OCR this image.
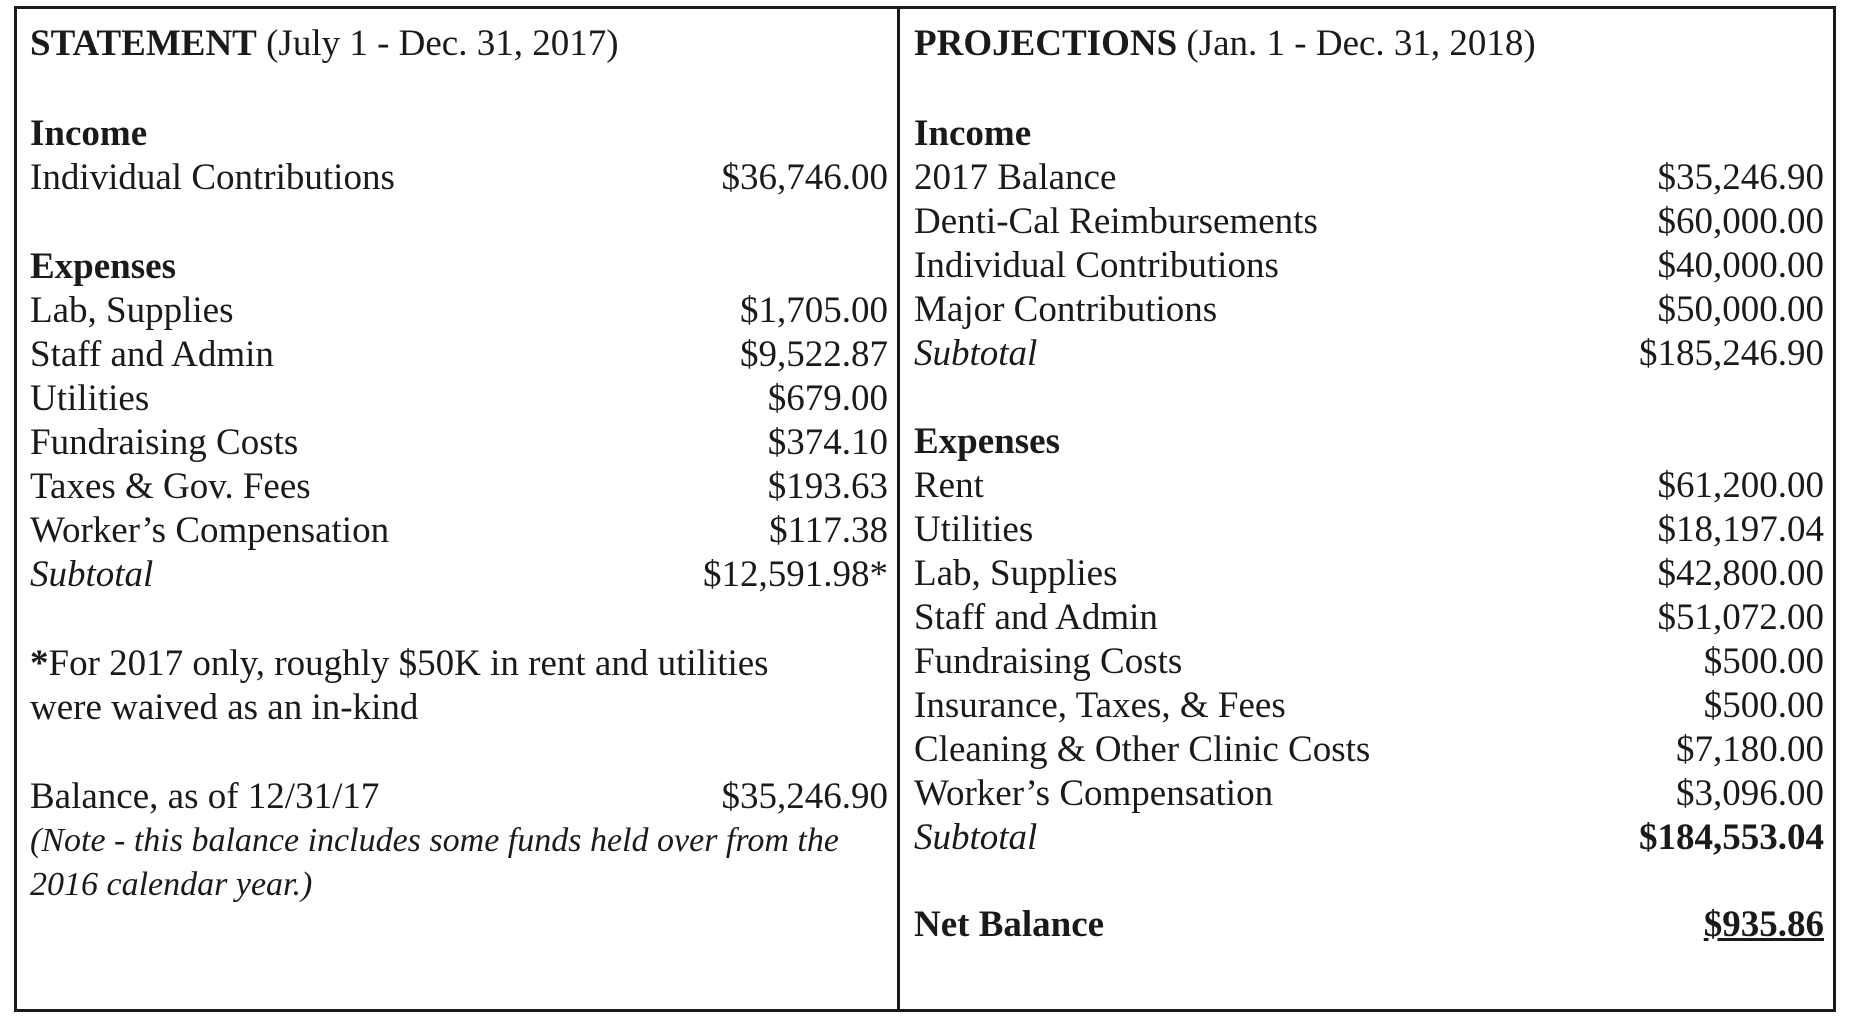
STATEMENT (July 1 - Dec. 31, 2017)
Income
Individual Contributions	$36,746.00
Expenses
Lab, Supplies	$1,705.00
Staff and Admin	$9,522.87
Utilities	$679.00
Fundraising Costs	$374.10
Taxes & Gov. Fees	$193.63
Worker’s Compensation	$117.38
Subtotal	$12,591.98*
*For 2017 only, roughly $50K in rent and utilities
were waived as an in-kind
Balance, as of 12/31/17	$35,246.90
(Note - this balance includes some funds held over from the
2016 calendar year.)
PROJECTIONS (Jan. 1 - Dec. 31, 2018)
Income
2017 Balance	$35,246.90
Denti-Cal Reimbursements	$60,000.00
Individual Contributions	$40,000.00
Major Contributions	$50,000.00
Subtotal	$185,246.90
Expenses
Rent	$61,200.00
Utilities	$18,197.04
Lab, Supplies	$42,800.00
Staff and Admin	$51,072.00
Fundraising Costs	$500.00
Insurance, Taxes, & Fees	$500.00
Cleaning & Other Clinic Costs	$7,180.00
Worker’s Compensation	$3,096.00
Subtotal	$184,553.04
Net Balance	$935.86
